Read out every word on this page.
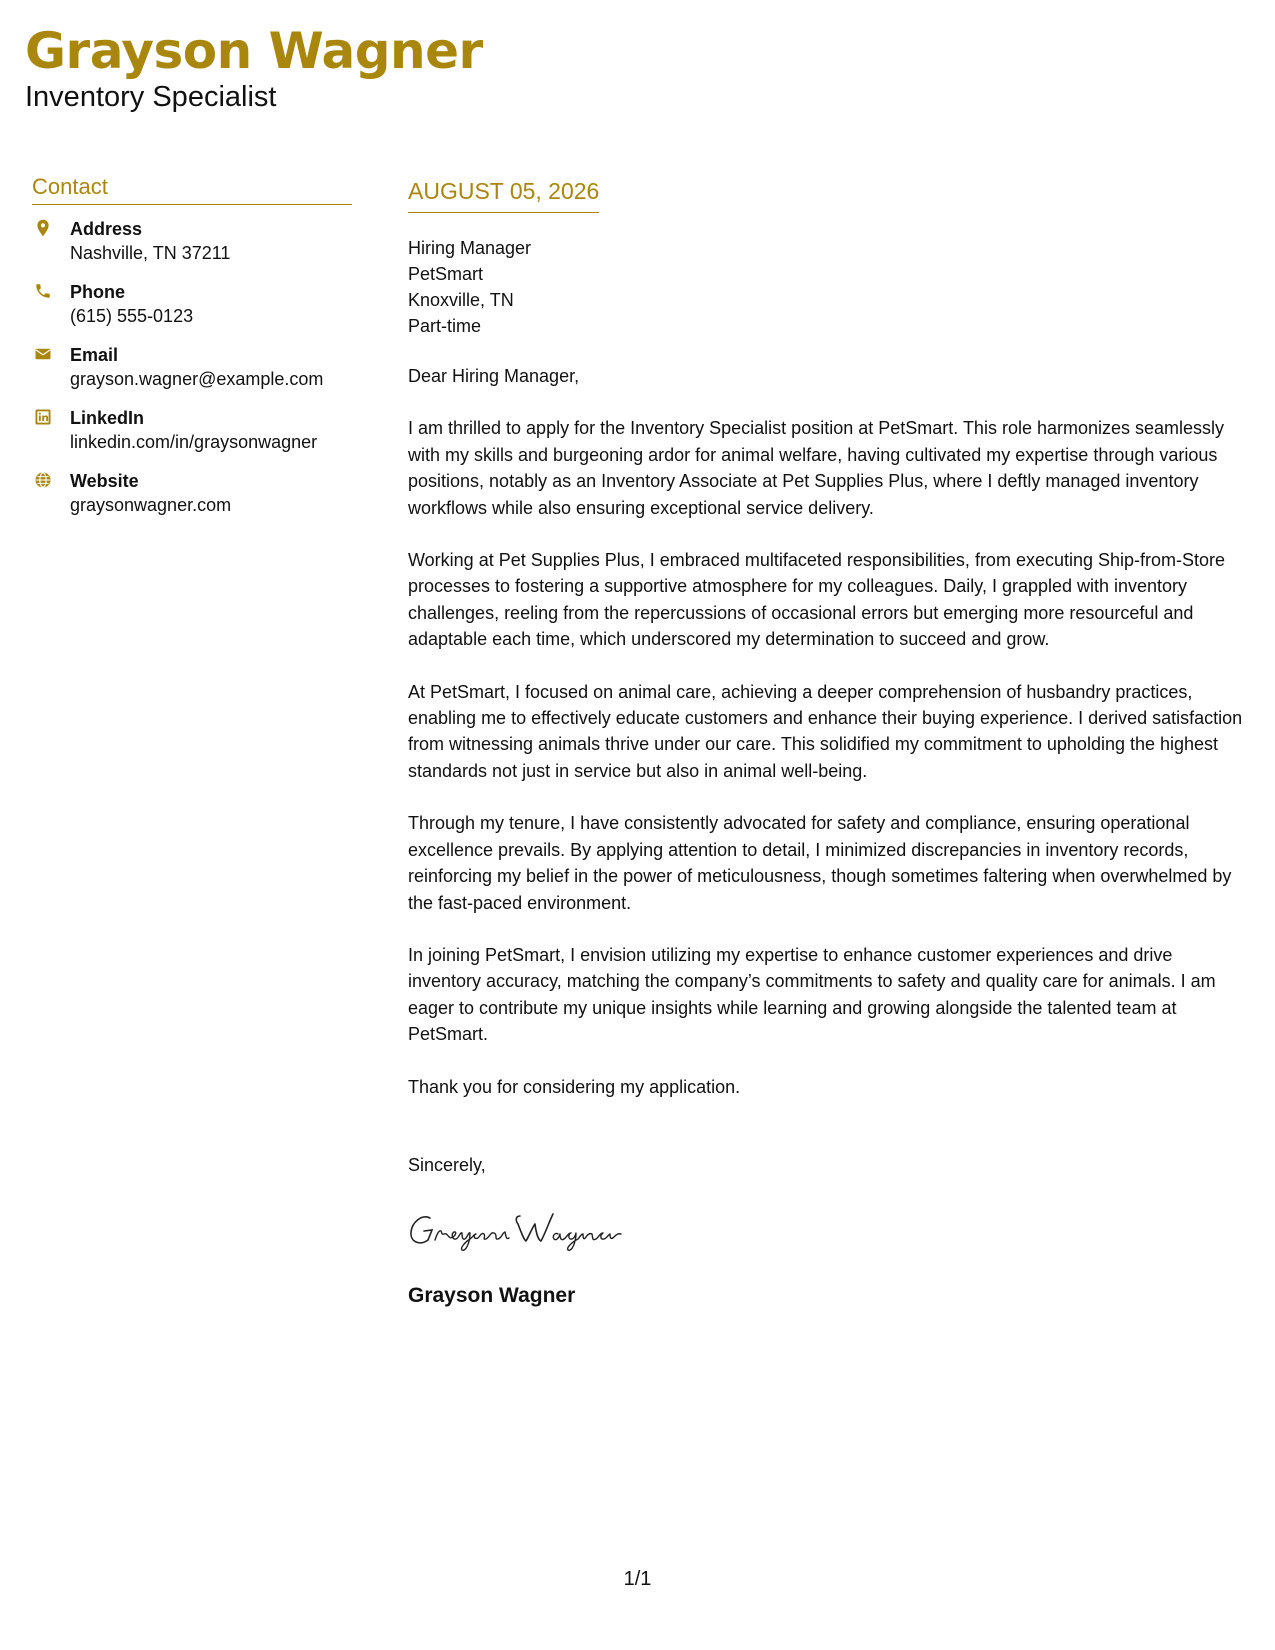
Grayson Wagner
Inventory Specialist
Contact
Address
Nashville, TN 37211
Phone
(615) 555-0123
Email
grayson.wagner@example.com
LinkedIn
linkedin.com/in/graysonwagner
Website
graysonwagner.com
AUGUST 05, 2026
Hiring Manager
PetSmart
Knoxville, TN
Part-time

Dear Hiring Manager,

I am thrilled to apply for the Inventory Specialist position at PetSmart. This role harmonizes seamlessly with my skills and burgeoning ardor for animal welfare, having cultivated my expertise through various positions, notably as an Inventory Associate at Pet Supplies Plus, where I deftly managed inventory workflows while also ensuring exceptional service delivery.

Working at Pet Supplies Plus, I embraced multifaceted responsibilities, from executing Ship-from-Store processes to fostering a supportive atmosphere for my colleagues. Daily, I grappled with inventory challenges, reeling from the repercussions of occasional errors but emerging more resourceful and adaptable each time, which underscored my determination to succeed and grow.

At PetSmart, I focused on animal care, achieving a deeper comprehension of husbandry practices, enabling me to effectively educate customers and enhance their buying experience. I derived satisfaction from witnessing animals thrive under our care. This solidified my commitment to upholding the highest standards not just in service but also in animal well-being.

Through my tenure, I have consistently advocated for safety and compliance, ensuring operational excellence prevails. By applying attention to detail, I minimized discrepancies in inventory records, reinforcing my belief in the power of meticulousness, though sometimes faltering when overwhelmed by the fast-paced environment.

In joining PetSmart, I envision utilizing my expertise to enhance customer experiences and drive inventory accuracy, matching the company’s commitments to safety and quality care for animals. I am eager to contribute my unique insights while learning and growing alongside the talented team at PetSmart.

Thank you for considering my application.

Sincerely,

Grayson Wagner
1/1
